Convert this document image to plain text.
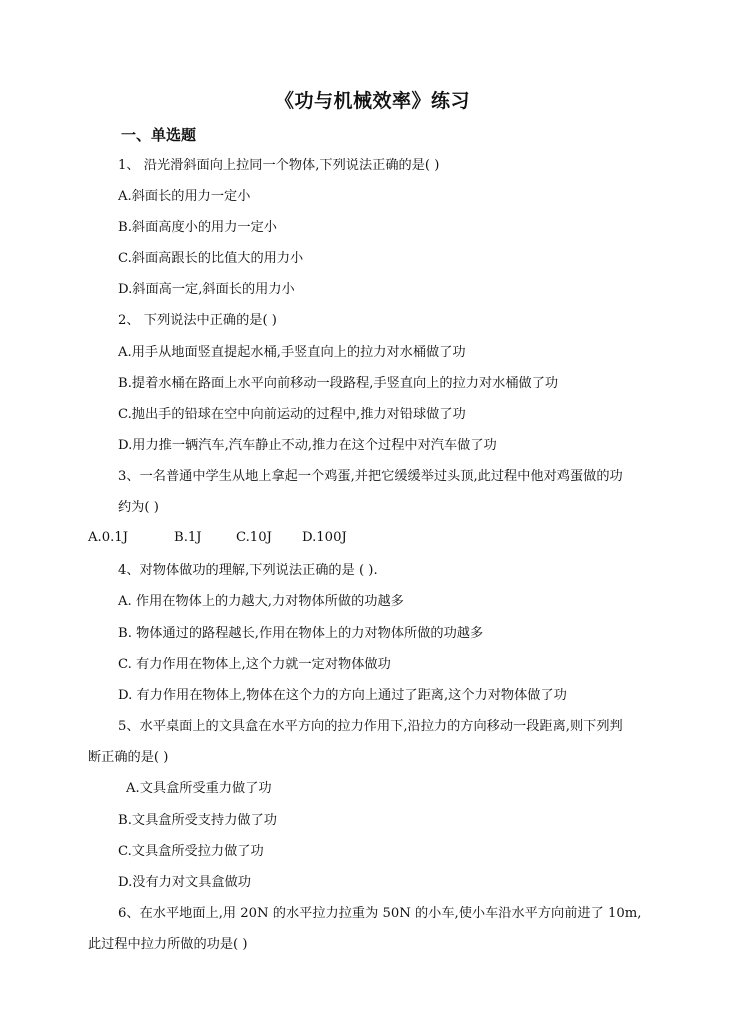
《功与机械效率》练习
一、单选题
1、 沿光滑斜面向上拉同一个物体,下列说法正确的是( )
A.斜面长的用力一定小
B.斜面高度小的用力一定小
C.斜面高跟长的比值大的用力小
D.斜面高一定,斜面长的用力小
2、 下列说法中正确的是( )
A.用手从地面竖直提起水桶,手竖直向上的拉力对水桶做了功
B.提着水桶在路面上水平向前移动一段路程,手竖直向上的拉力对水桶做了功
C.抛出手的铅球在空中向前运动的过程中,推力对铅球做了功
D.用力推一辆汽车,汽车静止不动,推力在这个过程中对汽车做了功
3、一名普通中学生从地上拿起一个鸡蛋,并把它缓缓举过头顶,此过程中他对鸡蛋做的功
约为( )
A.0.1J	B.1J	C.10J D.100J
4、对物体做功的理解,下列说法正确的是 ( ).
A. 作用在物体上的力越大,力对物体所做的功越多
B. 物体通过的路程越长,作用在物体上的力对物体所做的功越多
C. 有力作用在物体上,这个力就一定对物体做功
D. 有力作用在物体上,物体在这个力的方向上通过了距离,这个力对物体做了功
5、水平桌面上的文具盒在水平方向的拉力作用下,沿拉力的方向移动一段距离,则下列判
断正确的是( )
A.文具盒所受重力做了功
B.文具盒所受支持力做了功
C.文具盒所受拉力做了功
D.没有力对文具盒做功
6、在水平地面上,用 20N 的水平拉力拉重为 50N 的小车,使小车沿水平方向前进了 10m,
此过程中拉力所做的功是( )
